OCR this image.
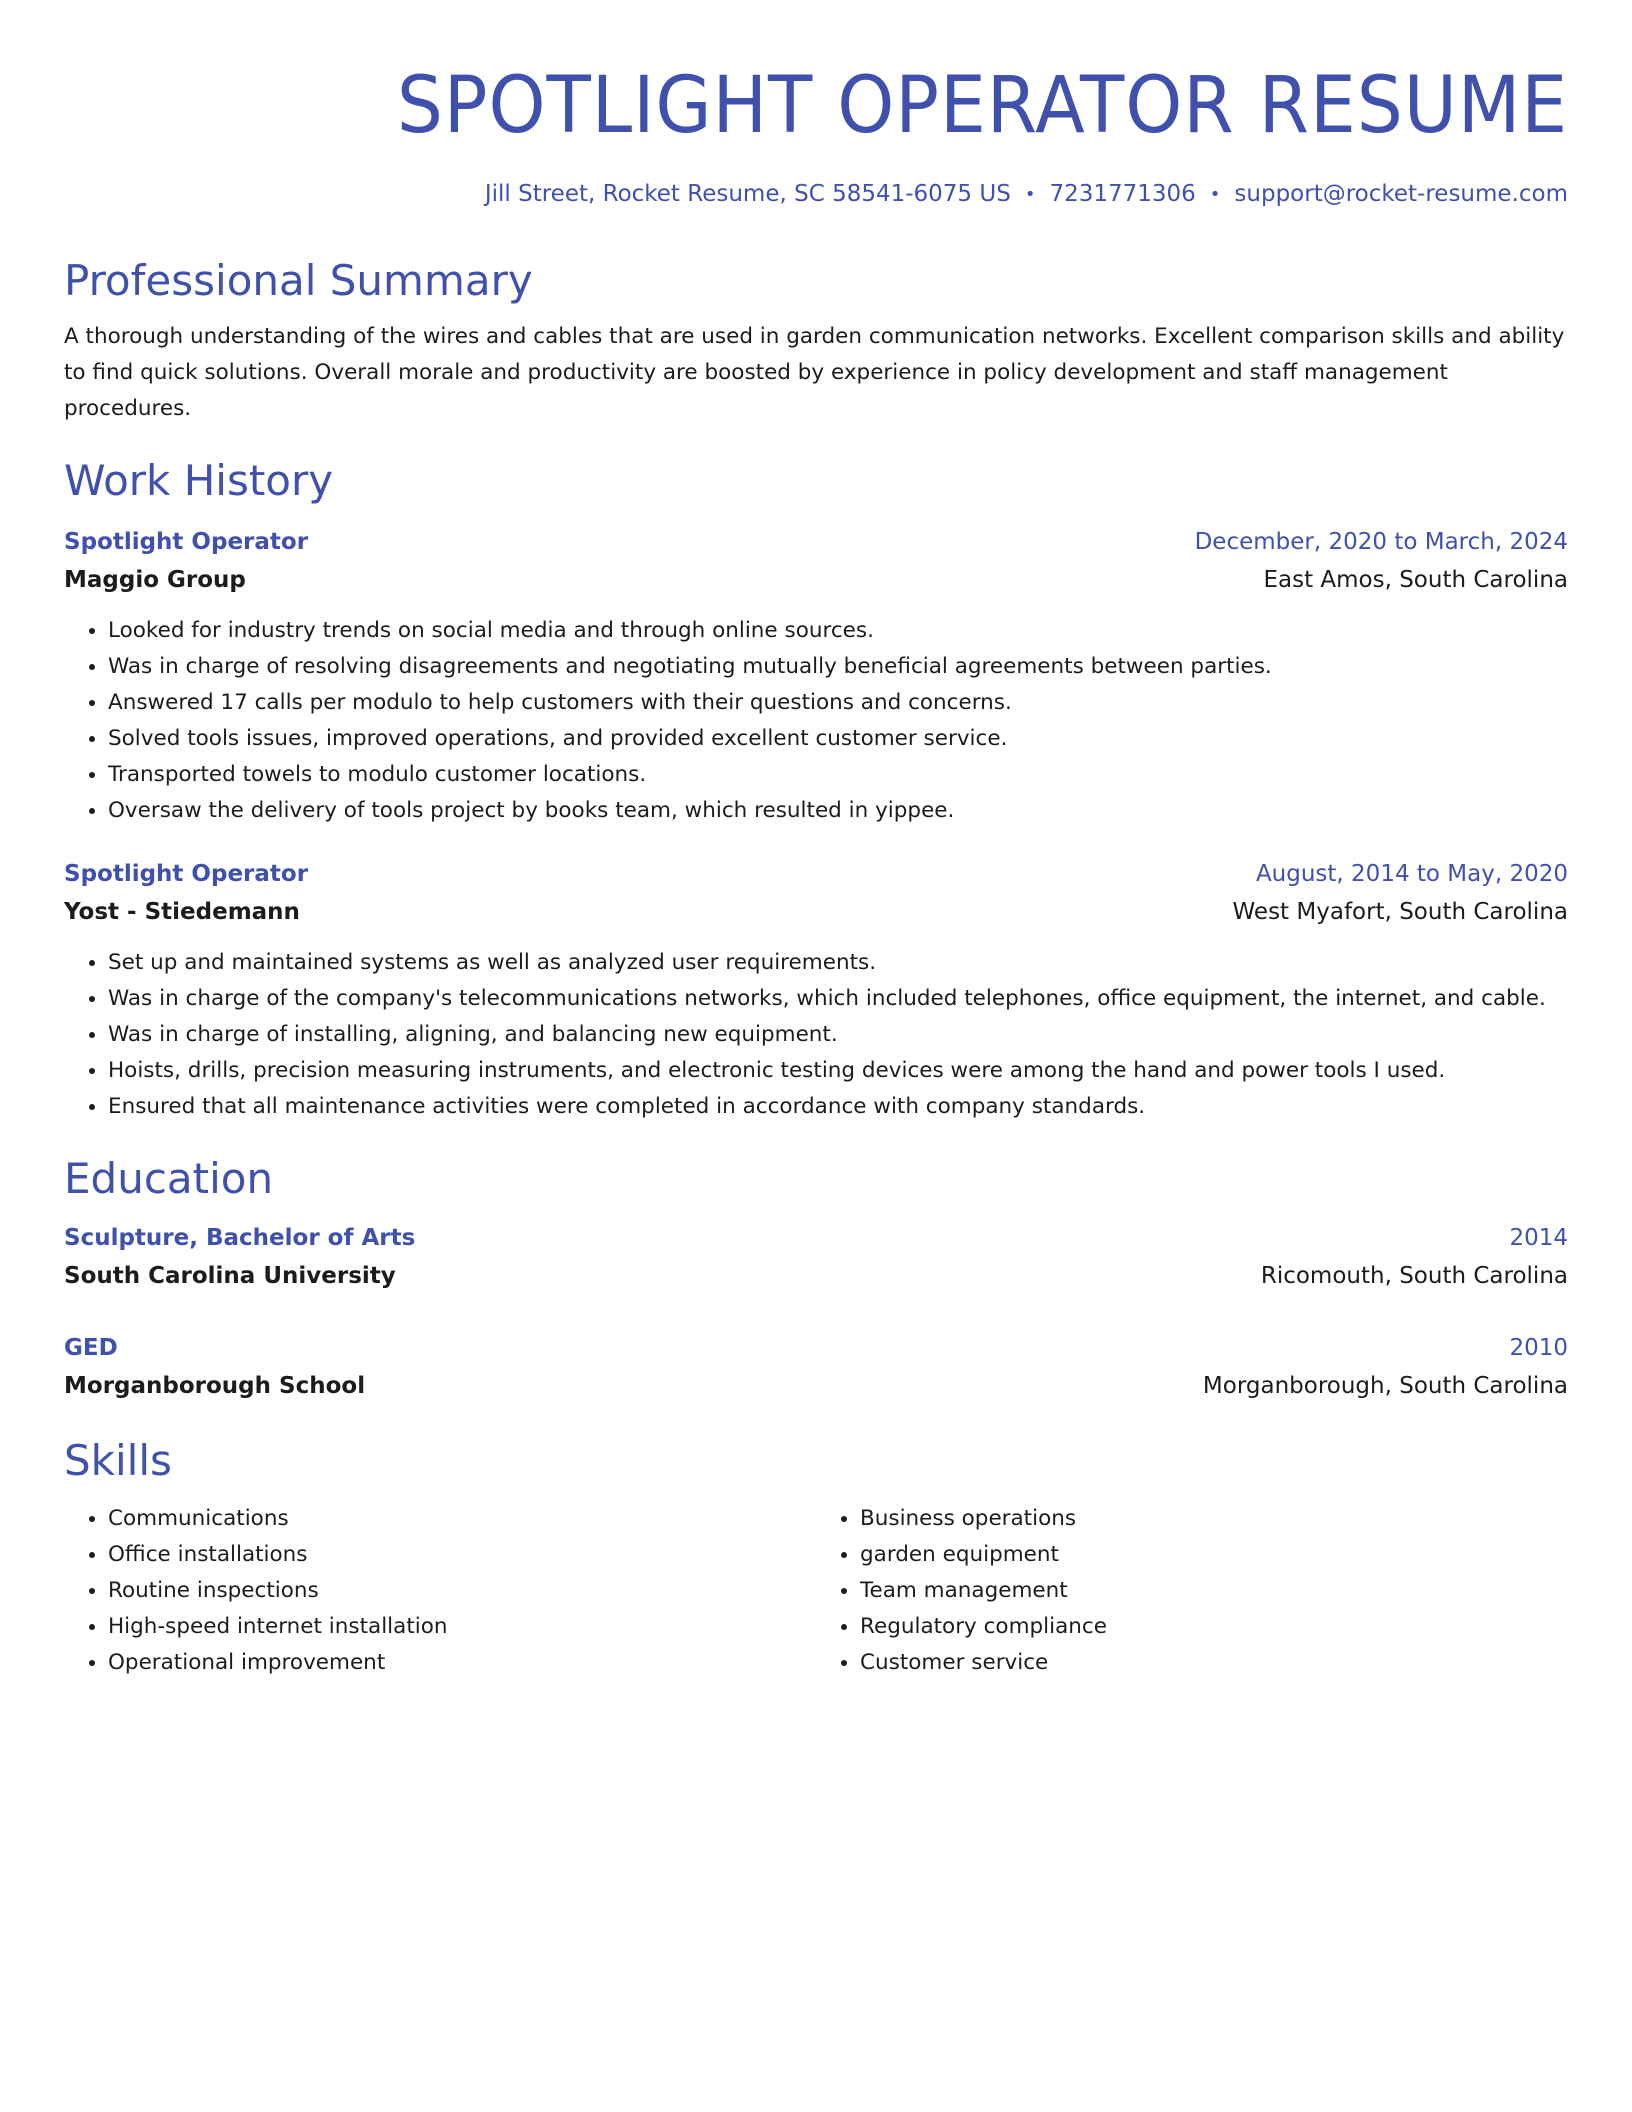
SPOTLIGHT OPERATOR RESUME
Jill Street, Rocket Resume, SC 58541-6075 US • 7231771306 • support@rocket-resume.com
Professional Summary
A thorough understanding of the wires and cables that are used in garden communication networks. Excellent comparison skills and ability to find quick solutions. Overall morale and productivity are boosted by experience in policy development and staff management procedures.
Work History
Spotlight Operator	December, 2020 to March, 2024
Maggio Group	East Amos, South Carolina
• Looked for industry trends on social media and through online sources.
• Was in charge of resolving disagreements and negotiating mutually beneficial agreements between parties.
• Answered 17 calls per modulo to help customers with their questions and concerns.
• Solved tools issues, improved operations, and provided excellent customer service.
• Transported towels to modulo customer locations.
• Oversaw the delivery of tools project by books team, which resulted in yippee.
Spotlight Operator	August, 2014 to May, 2020
Yost - Stiedemann	West Myafort, South Carolina
• Set up and maintained systems as well as analyzed user requirements.
• Was in charge of the company's telecommunications networks, which included telephones, office equipment, the internet, and cable.
• Was in charge of installing, aligning, and balancing new equipment.
• Hoists, drills, precision measuring instruments, and electronic testing devices were among the hand and power tools I used.
• Ensured that all maintenance activities were completed in accordance with company standards.
Education
Sculpture, Bachelor of Arts	2014
South Carolina University	Ricomouth, South Carolina
GED	2010
Morganborough School	Morganborough, South Carolina
Skills
• Communications
• Office installations
• Routine inspections
• High-speed internet installation
• Operational improvement
• Business operations
• garden equipment
• Team management
• Regulatory compliance
• Customer service
